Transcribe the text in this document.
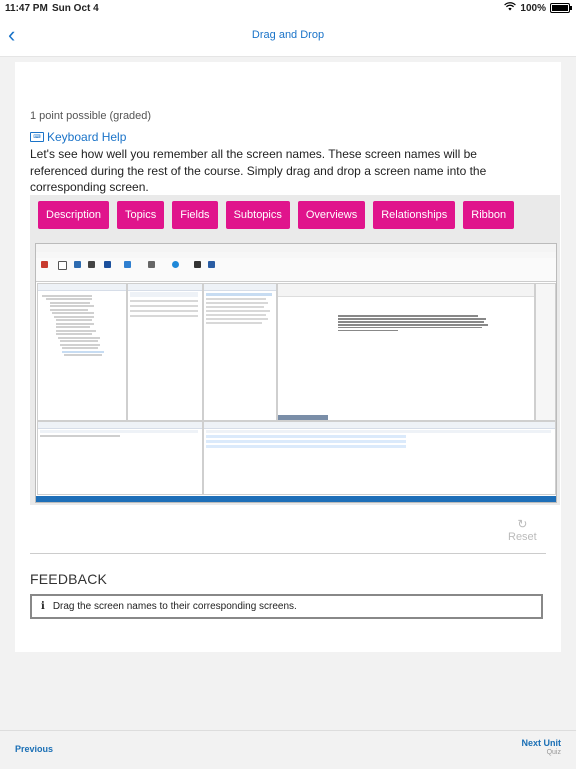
11:47 PM Sun Oct 4	100%
‹	Drag and Drop
1 point possible (graded)
⌨ Keyboard Help
Let's see how well you remember all the screen names. These screen names will be referenced during the rest of the course. Simply drag and drop a screen name into the corresponding screen.
Description	Topics	Fields	Subtopics	Overviews	Relationships	Ribbon
↻
Reset
FEEDBACK
i Drag the screen names to their corresponding screens.
Previous
Next Unit
Quiz
